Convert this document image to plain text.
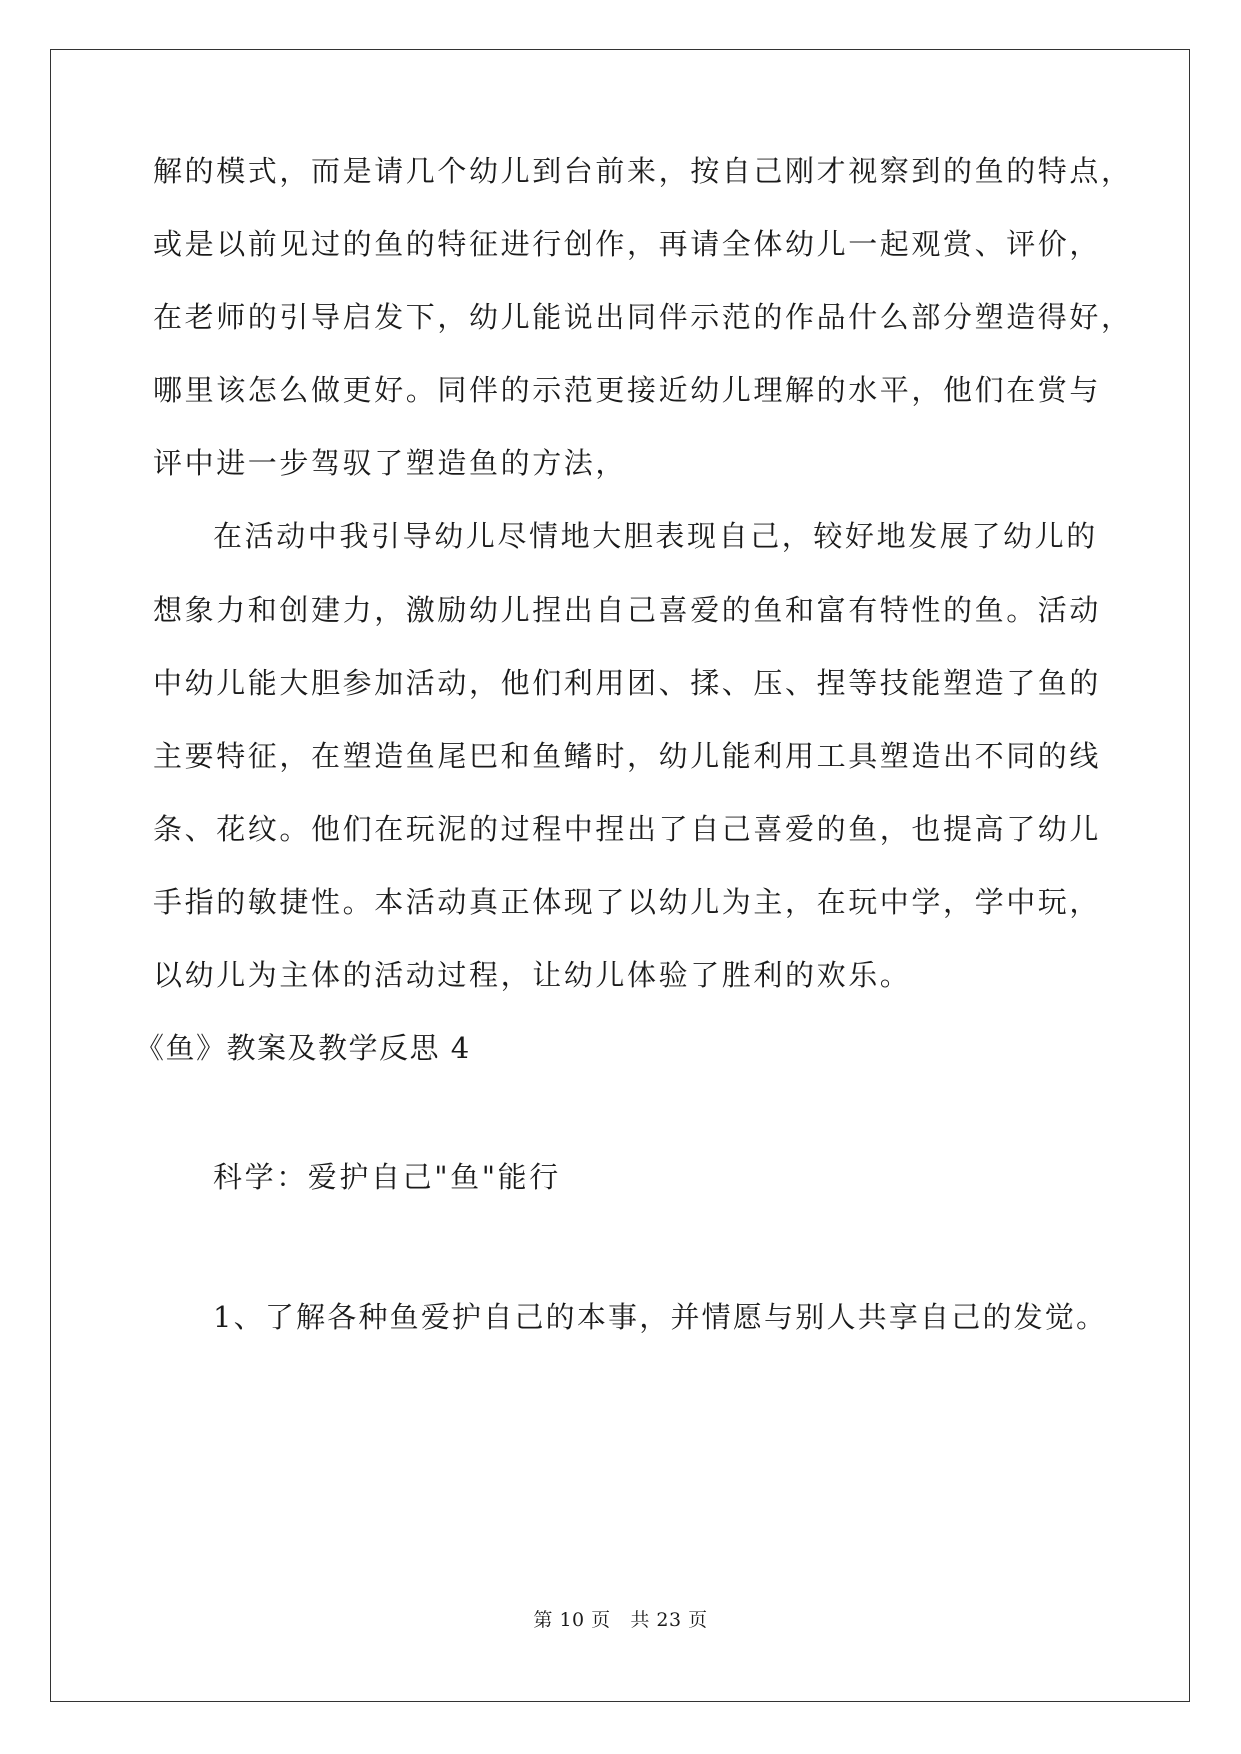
解的模式，而是请几个幼儿到台前来，按自己刚才视察到的鱼的特点，
或是以前见过的鱼的特征进行创作，再请全体幼儿一起观赏、评价，
在老师的引导启发下，幼儿能说出同伴示范的作品什么部分塑造得好，
哪里该怎么做更好。同伴的示范更接近幼儿理解的水平，他们在赏与
评中进一步驾驭了塑造鱼的方法，
在活动中我引导幼儿尽情地大胆表现自己，较好地发展了幼儿的
想象力和创建力，激励幼儿捏出自己喜爱的鱼和富有特性的鱼。活动
中幼儿能大胆参加活动，他们利用团、揉、压、捏等技能塑造了鱼的
主要特征，在塑造鱼尾巴和鱼鳍时，幼儿能利用工具塑造出不同的线
条、花纹。他们在玩泥的过程中捏出了自己喜爱的鱼，也提高了幼儿
手指的敏捷性。本活动真正体现了以幼儿为主，在玩中学，学中玩，
以幼儿为主体的活动过程，让幼儿体验了胜利的欢乐。
《鱼》教案及教学反思 4
科学：爱护自己"鱼"能行
1、了解各种鱼爱护自己的本事，并情愿与别人共享自己的发觉。
第 10 页 共 23 页
